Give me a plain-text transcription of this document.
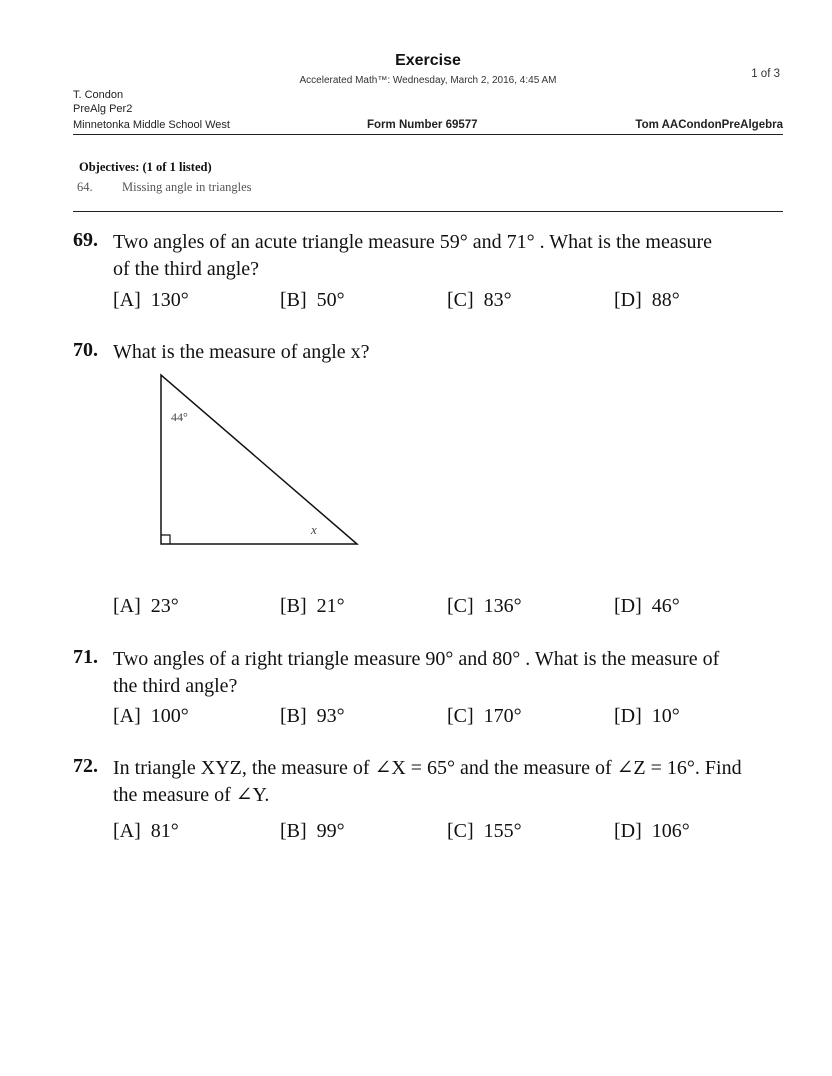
Exercise
Accelerated Math™: Wednesday, March 2, 2016, 4:45 AM
1 of 3
T. Condon
PreAlg Per2
Minnetonka Middle School West	Form Number 69577	Tom AACondonPreAlgebra
Objectives: (1 of 1 listed)
64. Missing angle in triangles
69. Two angles of an acute triangle measure 59° and 71° . What is the measure
of the third angle?
[A] 130°	[B] 50°	[C] 83°	[D] 88°
70. What is the measure of angle x?
44°
x
[A] 23°	[B] 21°	[C] 136°	[D] 46°
71. Two angles of a right triangle measure 90° and 80° . What is the measure of
the third angle?
[A] 100°	[B] 93°	[C] 170°	[D] 10°
72. In triangle XYZ, the measure of ∠X = 65° and the measure of ∠Z = 16°. Find
the measure of ∠Y.
[A] 81°	[B] 99°	[C] 155°	[D] 106°
